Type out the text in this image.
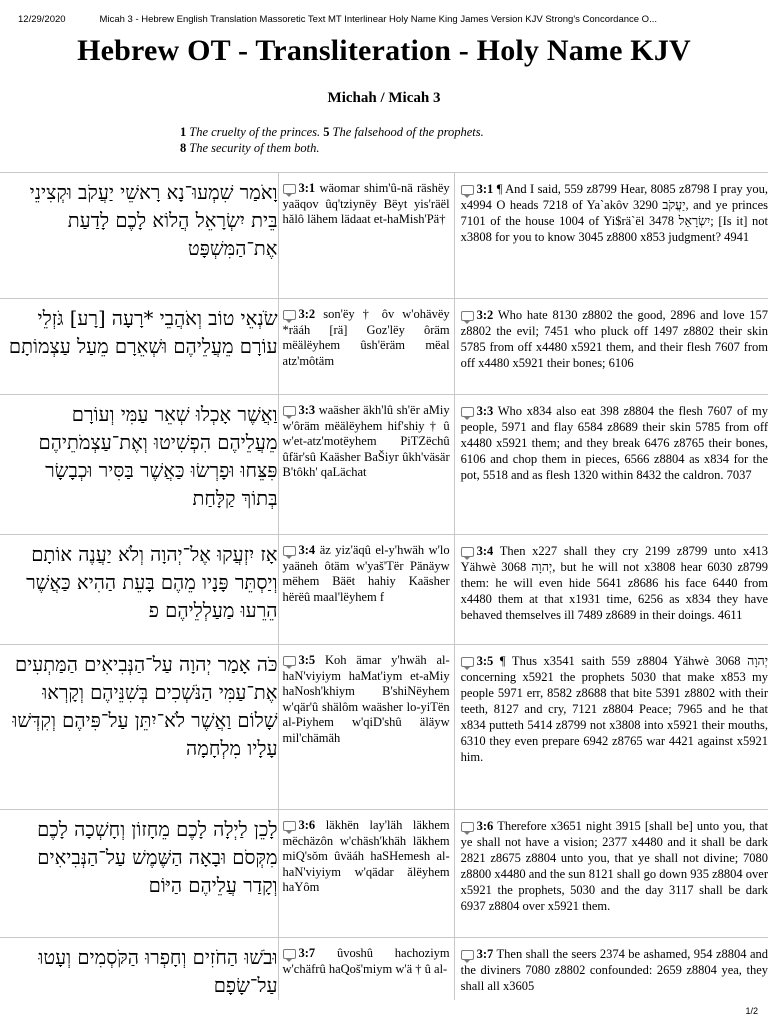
12/29/2020	Micah 3 - Hebrew English Translation Massoretic Text MT Interlinear Holy Name King James Version KJV Strong's Concordance O...
Hebrew OT - Transliteration - Holy Name KJV
Michah / Micah 3
1 The cruelty of the princes. 5 The falsehood of the prophets.
8 The security of them both.
וָאֹמַר שִׁמְעוּ־נָא רָאשֵׁי יַעֲקֹב וּקְצִינֵי בֵּית יִשְׂרָאֵל הֲלוֹא לָכֶם לָדַעַת אֶת־הַמִּשְׁפָּט	3:1 wäomar shim'û-nä räshëy yaäqov ûq'tziynëy Bëyt yis'räël hălô lähem lädaat et-haMish'Pä†	3:1 ¶ And I said, 559 z8799 Hear, 8085 z8798 I pray you, x4994 O heads 7218 of Ya`akôv 3290 יַעֲקֹב, and ye princes 7101 of the house 1004 of Yi$rä`ël 3478 יִשְׂרָאֵל; [Is it] not x3808 for you to know 3045 z8800 x853 judgment? 4941
שֹׂנְאֵי טוֹב וְאֹהֲבֵי *רָעָה [רָע] גֹּזְלֵי עוֹרָם מֵעֲלֵיהֶם וּשְׁאֵרָם מֵעַל עַצְמוֹתָם	3:2 son'ëy † ôv w'ohävëy *räáh [rä] Goz'lëy ôräm mëälëyhem ûsh'ëräm mëal atz'môtäm	3:2 Who hate 8130 z8802 the good, 2896 and love 157 z8802 the evil; 7451 who pluck off 1497 z8802 their skin 5785 from off x4480 x5921 them, and their flesh 7607 from off x4480 x5921 their bones; 6106
וַאֲשֶׁר אָכְלוּ שְׁאֵר עַמִּי וְעוֹרָם מֵעֲלֵיהֶם הִפְשִׁיטוּ וְאֶת־עַצְמֹתֵיהֶם פִּצֵּחוּ וּפָרְשׂוּ כַּאֲשֶׁר בַּסִּיר וּכְבָשָׂר בְּתוֹךְ קַלָּחַת	3:3 waäsher äkh'lû sh'ër aMiy w'ôräm mëälëyhem hif'shiy † û w'et-atz'motëyhem PiTZëchû ûfär'sû Kaäsher BaŠiyr ûkh'väsär B'tôkh' qaLächat	3:3 Who x834 also eat 398 z8804 the flesh 7607 of my people, 5971 and flay 6584 z8689 their skin 5785 from off x4480 x5921 them; and they break 6476 z8765 their bones, 6106 and chop them in pieces, 6566 z8804 as x834 for the pot, 5518 and as flesh 1320 within 8432 the caldron. 7037
אָז יִזְעֲקוּ אֶל־יְהוָה וְלֹא יַעֲנֶה אוֹתָם וְיַסְתֵּר פָּנָיו מֵהֶם בָּעֵת הַהִיא כַּאֲשֶׁר הֵרֵעוּ מַעַלְלֵיהֶם פ	3:4 äz yiz'äqû el-y'hwäh w'lo yaäneh ôtäm w'yaš'Tër Pänäyw mëhem Bäët hahiy Kaäsher hërëû maal'lëyhem f	3:4 Then x227 shall they cry 2199 z8799 unto x413 Yähwè 3068 יְהוָה, but he will not x3808 hear 6030 z8799 them: he will even hide 5641 z8686 his face 6440 from x4480 them at that x1931 time, 6256 as x834 they have behaved themselves ill 7489 z8689 in their doings. 4611
כֹּה אָמַר יְהוָה עַל־הַנְּבִיאִים הַמַּתְעִים אֶת־עַמִּי הַנֹּשְׁכִים בְּשִׁנֵּיהֶם וְקָרְאוּ שָׁלוֹם וַאֲשֶׁר לֹא־יִתֵּן עַל־פִּיהֶם וְקִדְּשׁוּ עָלָיו מִלְחָמָה	3:5 Koh ämar y'hwäh al-haN'viyiym haMat'iym et-aMiy haNosh'khiym B'shiNëyhem w'qär'û shälôm waäsher lo-yiTën al-Piyhem w'qiD'shû äläyw mil'chämäh	3:5 ¶ Thus x3541 saith 559 z8804 Yähwè 3068 יְהוָה concerning x5921 the prophets 5030 that make x853 my people 5971 err, 8582 z8688 that bite 5391 z8802 with their teeth, 8127 and cry, 7121 z8804 Peace; 7965 and he that x834 putteth 5414 z8799 not x3808 into x5921 their mouths, 6310 they even prepare 6942 z8765 war 4421 against x5921 him.
לָכֵן לַיְלָה לָכֶם מֵחָזוֹן וְחָשְׁכָה לָכֶם מִקְּסֹם וּבָאָה הַשֶּׁמֶשׁ עַל־הַנְּבִיאִים וְקָדַר עֲלֵיהֶם הַיּוֹם	3:6 läkhën lay'läh läkhem mëchäzôn w'chäsh'khäh läkhem miQ'sŏm ûväáh haSHemesh al-haN'viyiym w'qädar ălëyhem haYôm	3:6 Therefore x3651 night 3915 [shall be] unto you, that ye shall not have a vision; 2377 x4480 and it shall be dark 2821 z8675 z8804 unto you, that ye shall not divine; 7080 z8800 x4480 and the sun 8121 shall go down 935 z8804 over x5921 the prophets, 5030 and the day 3117 shall be dark 6937 z8804 over x5921 them.
וּבֹשׁוּ הַחֹזִים וְחָפְרוּ הַקֹּסְמִים וְעָטוּ עַל־שָׂפָם	3:7 ûvoshû hachoziym w'chäfrû haQoš'miym w'ä † û al-	3:7 Then shall the seers 2374 be ashamed, 954 z8804 and the diviners 7080 z8802 confounded: 2659 z8804 yea, they shall all x3605
1/2
